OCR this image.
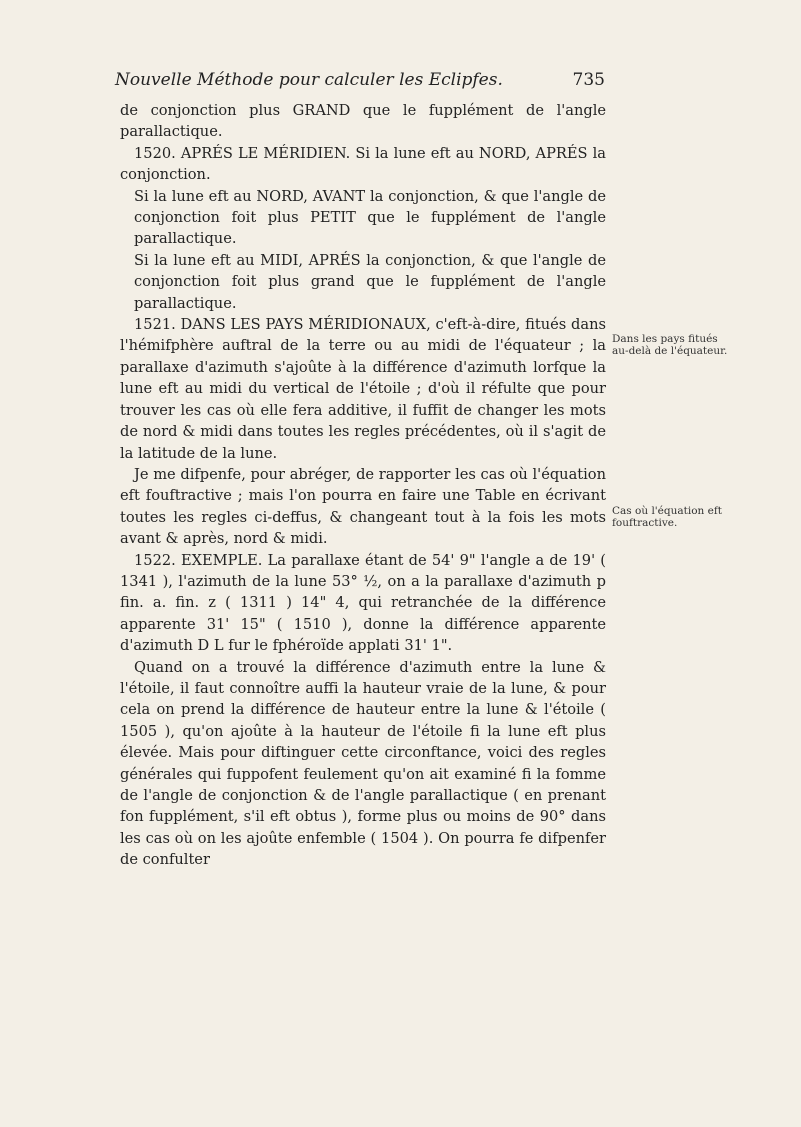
Nouvelle Méthode pour calculer les Eclipfes.	735

de conjonction plus GRAND que le fupplément de l'angle parallactique.

1520. APRÉS LE MÉRIDIEN. Si la lune eft au NORD, APRÉS la conjonction.

Si la lune eft au NORD, AVANT la conjonction, & que l'angle de conjonction foit plus PETIT que le fupplément de l'angle parallactique.

Si la lune eft au MIDI, APRÉS la conjonction, & que l'angle de conjonction foit plus grand que le fupplément de l'angle parallactique.

1521. DANS LES PAYS MÉRIDIONAUX, c'eft-à-dire, fitués dans l'hémifphère auftral de la terre ou au midi de l'équateur ; la parallaxe d'azimuth s'ajoûte à la différence d'azimuth lorfque la lune eft au midi du vertical de l'étoile ; d'où il réfulte que pour trouver les cas où elle fera additive, il fuffit de changer les mots de nord & midi dans toutes les regles précédentes, où il s'agit de la latitude de la lune.

Je me difpenfe, pour abréger, de rapporter les cas où l'équation eft fouftractive ; mais l'on pourra en faire une Table en écrivant toutes les regles ci-deffus, & changeant tout à la fois les mots avant & après, nord & midi.

1522. EXEMPLE. La parallaxe étant de 54' 9" l'angle a de 19' ( 1341 ), l'azimuth de la lune 53° ½, on a la parallaxe d'azimuth p fin. a. fin. z ( 1311 ) 14" 4, qui retranchée de la différence apparente 31' 15" ( 1510 ), donne la différence apparente d'azimuth D L fur le fphéroïde applati 31' 1".

Quand on a trouvé la différence d'azimuth entre la lune & l'étoile, il faut connoître auffi la hauteur vraie de la lune, & pour cela on prend la différence de hauteur entre la lune & l'étoile ( 1505 ), qu'on ajoûte à la hauteur de l'étoile fi la lune eft plus élevée. Mais pour diftinguer cette circonftance, voici des regles générales qui fuppofent feulement qu'on ait examiné fi la fomme de l'angle de conjonction & de l'angle parallactique ( en prenant fon fupplément, s'il eft obtus ), forme plus ou moins de 90° dans les cas où on les ajoûte enfemble ( 1504 ). On pourra fe difpenfer de confulter

Dans les pays fitués au-delà de l'équateur.
Cas où l'équation eft fouftractive.
